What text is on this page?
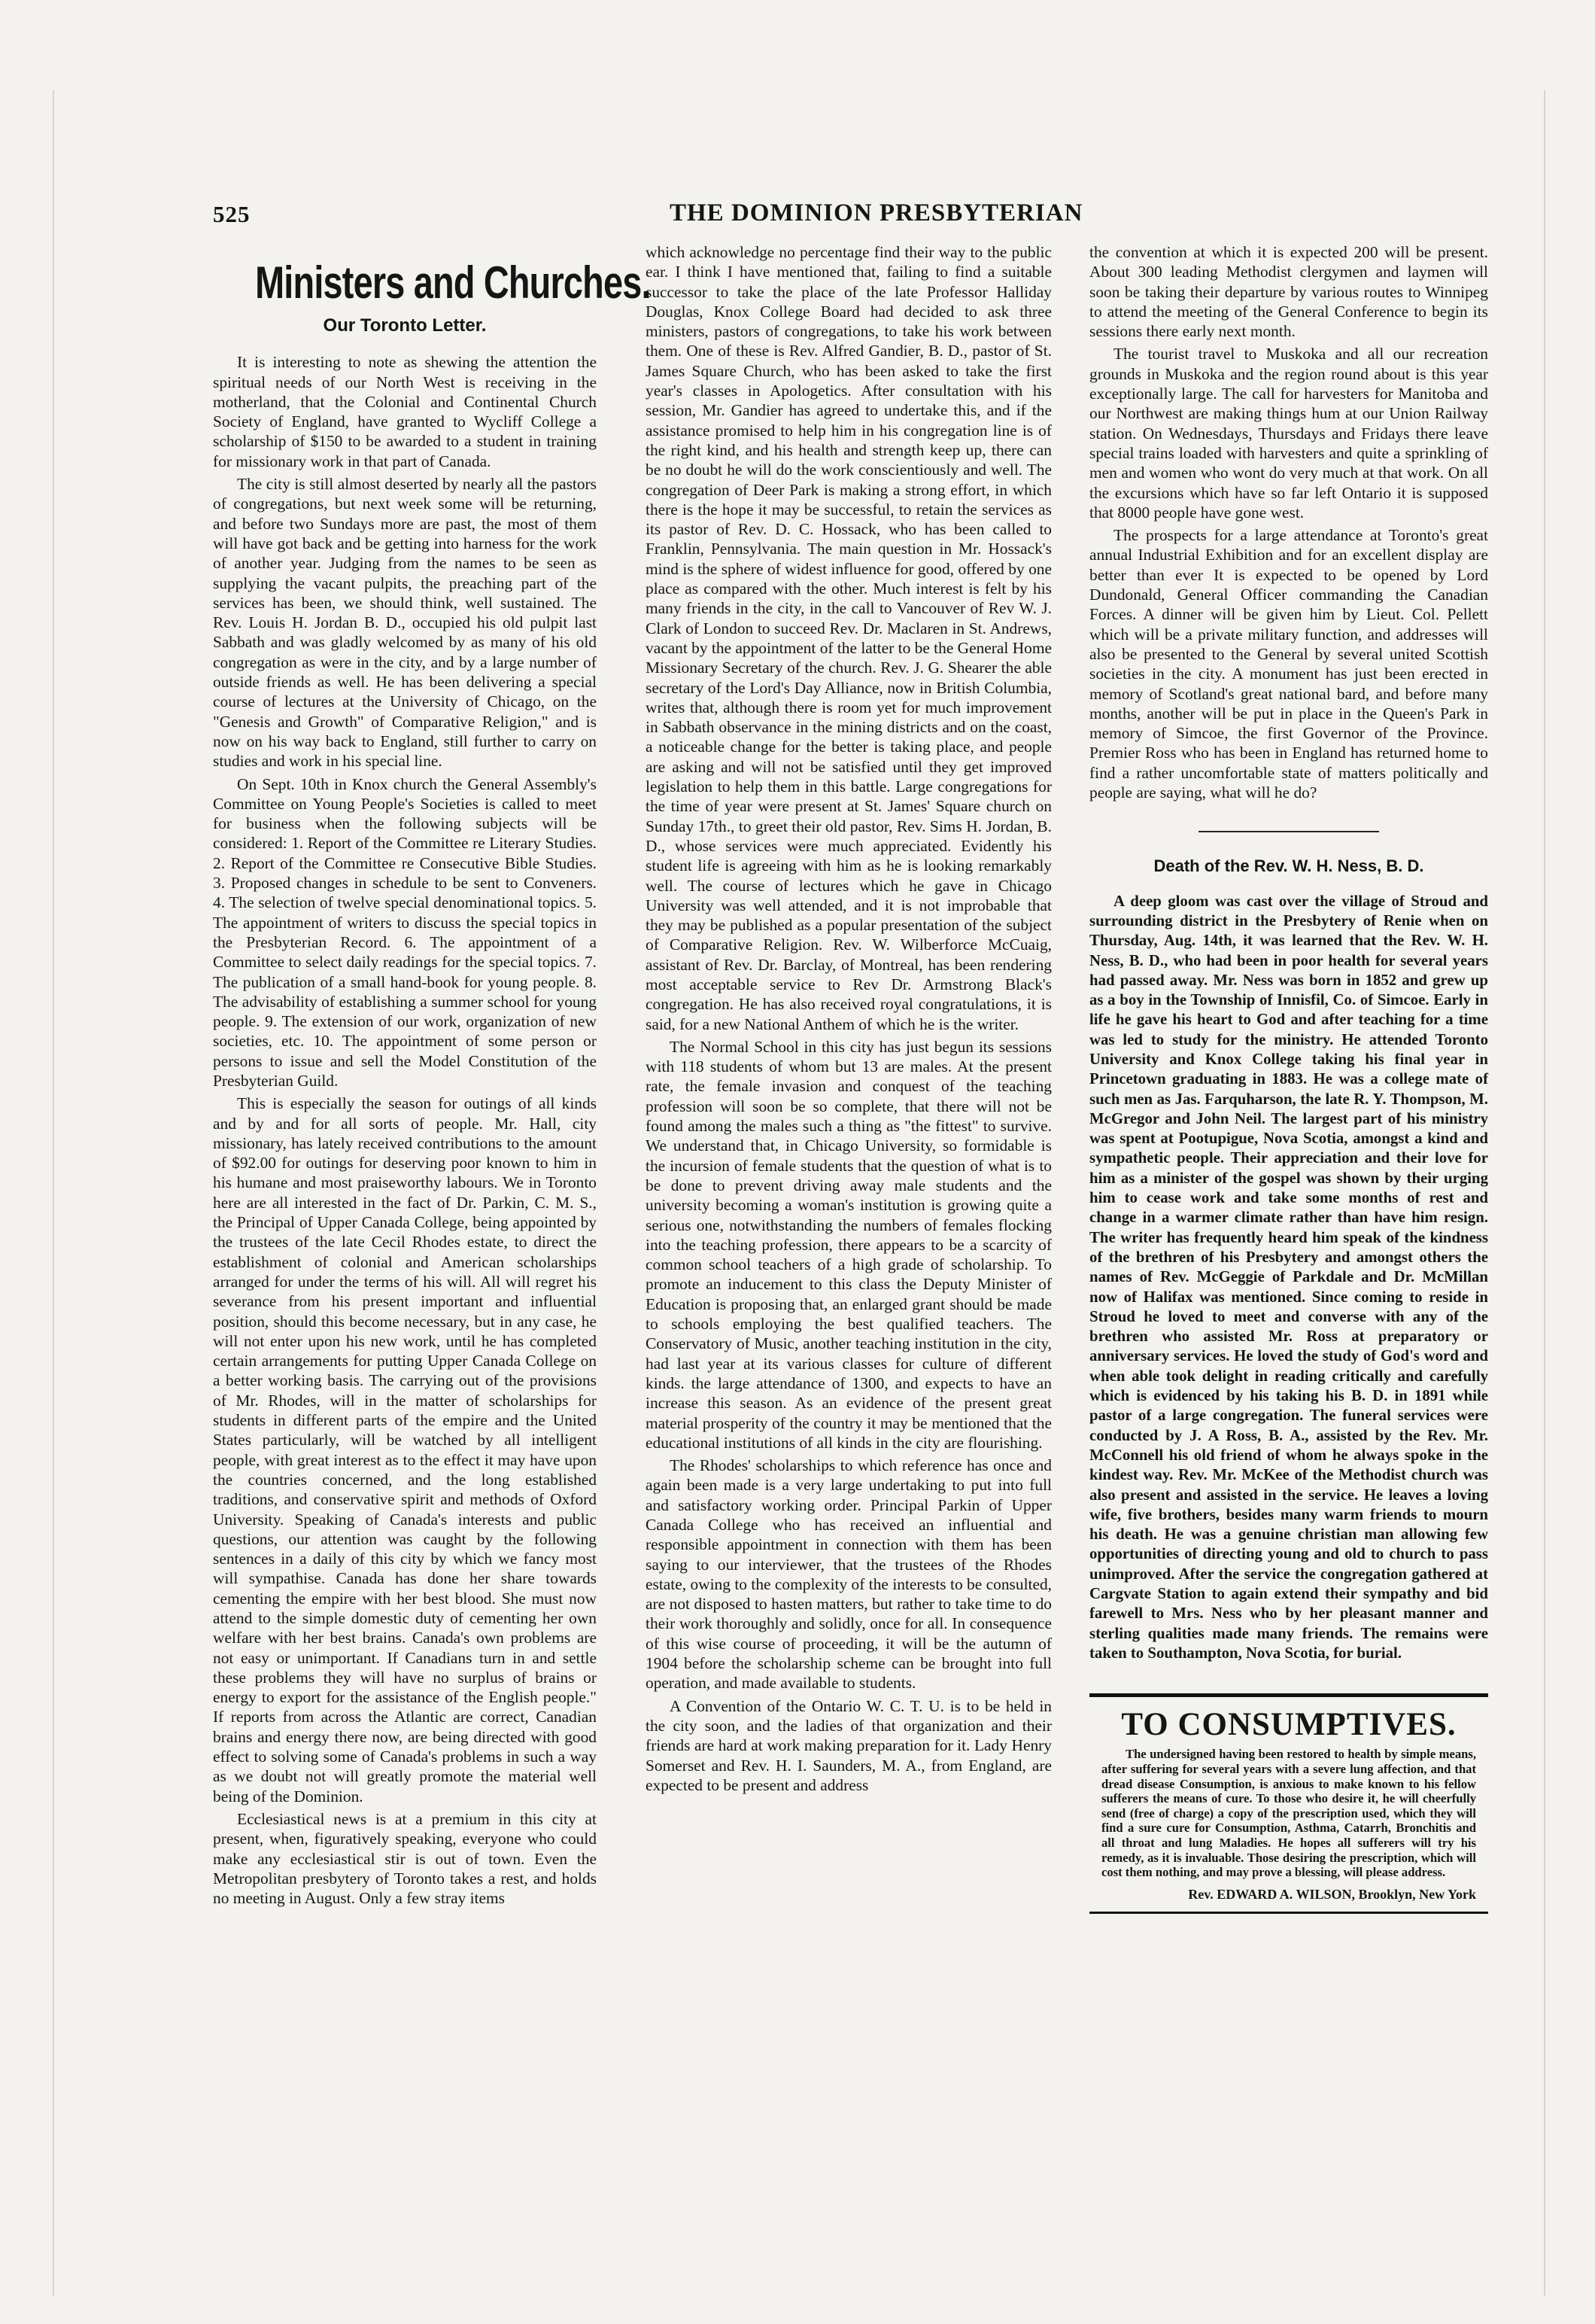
525	THE DOMINION PRESBYTERIAN
Ministers and Churches.
Our Toronto Letter.

It is interesting to note as shewing the attention the spiritual needs of our North West is receiving in the motherland, that the Colonial and Continental Church Society of England, have granted to Wycliff College a scholarship of $150 to be awarded to a student in training for missionary work in that part of Canada.

The city is still almost deserted by nearly all the pastors of congregations, but next week some will be returning, and before two Sundays more are past, the most of them will have got back and be getting into harness for the work of another year. Judging from the names to be seen as supplying the vacant pulpits, the preaching part of the services has been, we should think, well sustained. The Rev. Louis H. Jordan B. D., occupied his old pulpit last Sabbath and was gladly welcomed by as many of his old congregation as were in the city, and by a large number of outside friends as well. He has been delivering a special course of lectures at the University of Chicago, on the "Genesis and Growth" of Comparative Religion," and is now on his way back to England, still further to carry on studies and work in his special line.

On Sept. 10th in Knox church the General Assembly's Committee on Young People's Societies is called to meet for business when the following subjects will be considered: 1. Report of the Committee re Literary Studies. 2. Report of the Committee re Consecutive Bible Studies. 3. Proposed changes in schedule to be sent to Conveners. 4. The selection of twelve special denominational topics. 5. The appointment of writers to discuss the special topics in the Presbyterian Record. 6. The appointment of a Committee to select daily readings for the special topics. 7. The publication of a small hand-book for young people. 8. The advisability of establishing a summer school for young people. 9. The extension of our work, organization of new societies, etc. 10. The appointment of some person or persons to issue and sell the Model Constitution of the Presbyterian Guild.

This is especially the season for outings of all kinds and by and for all sorts of people. Mr. Hall, city missionary, has lately received contributions to the amount of $92.00 for outings for deserving poor known to him in his humane and most praiseworthy labours. We in Toronto here are all interested in the fact of Dr. Parkin, C. M. S., the Principal of Upper Canada College, being appointed by the trustees of the late Cecil Rhodes estate, to direct the establishment of colonial and American scholarships arranged for under the terms of his will. All will regret his severance from his present important and influential position, should this become necessary, but in any case, he will not enter upon his new work, until he has completed certain arrangements for putting Upper Canada College on a better working basis. The carrying out of the provisions of Mr. Rhodes, will in the matter of scholarships for students in different parts of the empire and the United States particularly, will be watched by all intelligent people, with great interest as to the effect it may have upon the countries concerned, and the long established traditions, and conservative spirit and methods of Oxford University. Speaking of Canada's interests and public questions, our attention was caught by the following sentences in a daily of this city by which we fancy most will sympathise. Canada has done her share towards cementing the empire with her best blood. She must now attend to the simple domestic duty of cementing her own welfare with her best brains. Canada's own problems are not easy or unimportant. If Canadians turn in and settle these problems they will have no surplus of brains or energy to export for the assistance of the English people." If reports from across the Atlantic are correct, Canadian brains and energy there now, are being directed with good effect to solving some of Canada's problems in such a way as we doubt not will greatly promote the material well being of the Dominion.

Ecclesiastical news is at a premium in this city at present, when, figuratively speaking, everyone who could make any ecclesiastical stir is out of town. Even the Metropolitan presbytery of Toronto takes a rest, and holds no meeting in August. Only a few stray items

which acknowledge no percentage find their way to the public ear. I think I have mentioned that, failing to find a suitable successor to take the place of the late Professor Halliday Douglas, Knox College Board had decided to ask three ministers, pastors of congregations, to take his work between them. One of these is Rev. Alfred Gandier, B. D., pastor of St. James Square Church, who has been asked to take the first year's classes in Apologetics. After consultation with his session, Mr. Gandier has agreed to undertake this, and if the assistance promised to help him in his congregation line is of the right kind, and his health and strength keep up, there can be no doubt he will do the work conscientiously and well. The congregation of Deer Park is making a strong effort, in which there is the hope it may be successful, to retain the services as its pastor of Rev. D. C. Hossack, who has been called to Franklin, Pennsylvania. The main question in Mr. Hossack's mind is the sphere of widest influence for good, offered by one place as compared with the other. Much interest is felt by his many friends in the city, in the call to Vancouver of Rev W. J. Clark of London to succeed Rev. Dr. Maclaren in St. Andrews, vacant by the appointment of the latter to be the General Home Missionary Secretary of the church. Rev. J. G. Shearer the able secretary of the Lord's Day Alliance, now in British Columbia, writes that, although there is room yet for much improvement in Sabbath observance in the mining districts and on the coast, a noticeable change for the better is taking place, and people are asking and will not be satisfied until they get improved legislation to help them in this battle. Large congregations for the time of year were present at St. James' Square church on Sunday 17th., to greet their old pastor, Rev. Sims H. Jordan, B. D., whose services were much appreciated. Evidently his student life is agreeing with him as he is looking remarkably well. The course of lectures which he gave in Chicago University was well attended, and it is not improbable that they may be published as a popular presentation of the subject of Comparative Religion. Rev. W. Wilberforce McCuaig, assistant of Rev. Dr. Barclay, of Montreal, has been rendering most acceptable service to Rev Dr. Armstrong Black's congregation. He has also received royal congratulations, it is said, for a new National Anthem of which he is the writer.

The Normal School in this city has just begun its sessions with 118 students of whom but 13 are males. At the present rate, the female invasion and conquest of the teaching profession will soon be so complete, that there will not be found among the males such a thing as "the fittest" to survive. We understand that, in Chicago University, so formidable is the incursion of female students that the question of what is to be done to prevent driving away male students and the university becoming a woman's institution is growing quite a serious one, notwithstanding the numbers of females flocking into the teaching profession, there appears to be a scarcity of common school teachers of a high grade of scholarship. To promote an inducement to this class the Deputy Minister of Education is proposing that, an enlarged grant should be made to schools employing the best qualified teachers. The Conservatory of Music, another teaching institution in the city, had last year at its various classes for culture of different kinds. the large attendance of 1300, and expects to have an increase this season. As an evidence of the present great material prosperity of the country it may be mentioned that the educational institutions of all kinds in the city are flourishing.

The Rhodes' scholarships to which reference has once and again been made is a very large undertaking to put into full and satisfactory working order. Principal Parkin of Upper Canada College who has received an influential and responsible appointment in connection with them has been saying to our interviewer, that the trustees of the Rhodes estate, owing to the complexity of the interests to be consulted, are not disposed to hasten matters, but rather to take time to do their work thoroughly and solidly, once for all. In consequence of this wise course of proceeding, it will be the autumn of 1904 before the scholarship scheme can be brought into full operation, and made available to students.

A Convention of the Ontario W. C. T. U. is to be held in the city soon, and the ladies of that organization and their friends are hard at work making preparation for it. Lady Henry Somerset and Rev. H. I. Saunders, M. A., from England, are expected to be present and address

the convention at which it is expected 200 will be present. About 300 leading Methodist clergymen and laymen will soon be taking their departure by various routes to Winnipeg to attend the meeting of the General Conference to begin its sessions there early next month.

The tourist travel to Muskoka and all our recreation grounds in Muskoka and the region round about is this year exceptionally large. The call for harvesters for Manitoba and our Northwest are making things hum at our Union Railway station. On Wednesdays, Thursdays and Fridays there leave special trains loaded with harvesters and quite a sprinkling of men and women who wont do very much at that work. On all the excursions which have so far left Ontario it is supposed that 8000 people have gone west.

The prospects for a large attendance at Toronto's great annual Industrial Exhibition and for an excellent display are better than ever It is expected to be opened by Lord Dundonald, General Officer commanding the Canadian Forces. A dinner will be given him by Lieut. Col. Pellett which will be a private military function, and addresses will also be presented to the General by several united Scottish societies in the city. A monument has just been erected in memory of Scotland's great national bard, and before many months, another will be put in place in the Queen's Park in memory of Simcoe, the first Governor of the Province. Premier Ross who has been in England has returned home to find a rather uncomfortable state of matters politically and people are saying, what will he do?

Death of the Rev. W. H. Ness, B. D.

A deep gloom was cast over the village of Stroud and surrounding district in the Presbytery of Renie when on Thursday, Aug. 14th, it was learned that the Rev. W. H. Ness, B. D., who had been in poor health for several years had passed away. Mr. Ness was born in 1852 and grew up as a boy in the Township of Innisfil, Co. of Simcoe. Early in life he gave his heart to God and after teaching for a time was led to study for the ministry. He attended Toronto University and Knox College taking his final year in Princetown graduating in 1883. He was a college mate of such men as Jas. Farquharson, the late R. Y. Thompson, M. McGregor and John Neil. The largest part of his ministry was spent at Pootupigue, Nova Scotia, amongst a kind and sympathetic people. Their appreciation and their love for him as a minister of the gospel was shown by their urging him to cease work and take some months of rest and change in a warmer climate rather than have him resign. The writer has frequently heard him speak of the kindness of the brethren of his Presbytery and amongst others the names of Rev. McGeggie of Parkdale and Dr. McMillan now of Halifax was mentioned. Since coming to reside in Stroud he loved to meet and converse with any of the brethren who assisted Mr. Ross at preparatory or anniversary services. He loved the study of God's word and when able took delight in reading critically and carefully which is evidenced by his taking his B. D. in 1891 while pastor of a large congregation. The funeral services were conducted by J. A Ross, B. A., assisted by the Rev. Mr. McConnell his old friend of whom he always spoke in the kindest way. Rev. Mr. McKee of the Methodist church was also present and assisted in the service. He leaves a loving wife, five brothers, besides many warm friends to mourn his death. He was a genuine christian man allowing few opportunities of directing young and old to church to pass unimproved. After the service the congregation gathered at Cargvate Station to again extend their sympathy and bid farewell to Mrs. Ness who by her pleasant manner and sterling qualities made many friends. The remains were taken to Southampton, Nova Scotia, for burial.

TO CONSUMPTIVES.

The undersigned having been restored to health by simple means, after suffering for several years with a severe lung affection, and that dread disease Consumption, is anxious to make known to his fellow sufferers the means of cure. To those who desire it, he will cheerfully send (free of charge) a copy of the prescription used, which they will find a sure cure for Consumption, Asthma, Catarrh, Bronchitis and all throat and lung Maladies. He hopes all sufferers will try his remedy, as it is invaluable. Those desiring the prescription, which will cost them nothing, and may prove a blessing, will please address.

Rev. EDWARD A. WILSON, Brooklyn, New York
